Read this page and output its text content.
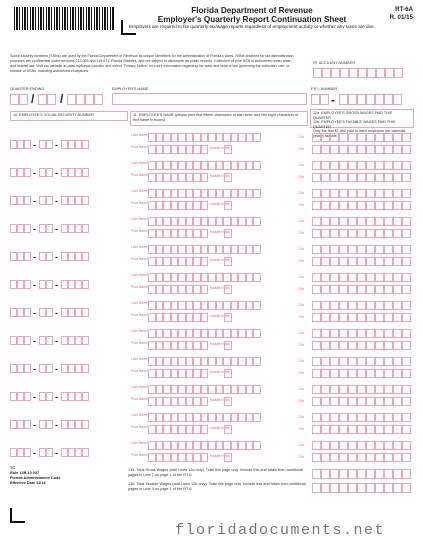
Florida Department of Revenue
Employer's Quarterly Report Continuation Sheet
Employers are required to file quarterly tax/wage reports regardless of employment activity or whether any taxes are due.
RT-6A
R. 01/15
Social security numbers (SSNs) are used by the Florida Department of Revenue as unique identifiers for the administration of Florida's taxes. SSNs obtained for tax administration purposes are confidential under sections 213.053 and 119.071, Florida Statutes, and not subject to disclosure as public records. Collection of your SSN is authorized under state and federal law. Visit our website at www.myflorida.com/dor and select "Privacy Notice" for more information regarding the state and federal law governing the collection, use, or release of SSNs, including authorized exceptions.
RT ACCOUNT NUMBER
QUARTER ENDING	EMPLOYER'S NAME	F.E.I. NUMBER
10. EMPLOYEE'S SOCIAL SECURITY NUMBER	11. EMPLOYEE'S NAME (please print first fifteen characters of last name and first eight characters of first name in boxes)
12a. EMPLOYEE'S GROSS WAGES PAID THIS QUARTER
12b. EMPLOYEE'S TAXABLE WAGES PAID THIS QUARTER
Only the first $7,000 paid to each employee per calendar year is taxable.
- -
Last Name
First Name	Middle Initial
12a.
12b.
- -
Last Name
First Name	Middle Initial
12a.
12b.
- -
Last Name
First Name	Middle Initial
12a.
12b.
- -
Last Name
First Name	Middle Initial
12a.
12b.
- -
Last Name
First Name	Middle Initial
12a.
12b.
- -
Last Name
First Name	Middle Initial
12a.
12b.
- -
Last Name
First Name	Middle Initial
12a.
12b.
- -
Last Name
First Name	Middle Initial
12a.
12b.
- -
Last Name
First Name	Middle Initial
12a.
12b.
- -
Last Name
First Name	Middle Initial
12a.
12b.
- -
Last Name
First Name	Middle Initial
12a.
12b.
- -
Last Name
First Name	Middle Initial
12a.
12b.
13a. Total Gross Wages (add Lines 12a only). Total this page only. Include this and totals from additional pages in Line 2 on page 1 of the RT-6.
13b. Total Taxable Wages (add Lines 12b only). Total this page only. Include this and totals from additional pages in Line 4 on page 1 of the RT-6.
TC
Rule 12B-10.037
Florida Administrative Code
Effective Date 11/14
floridadocuments.net
/ /	-
